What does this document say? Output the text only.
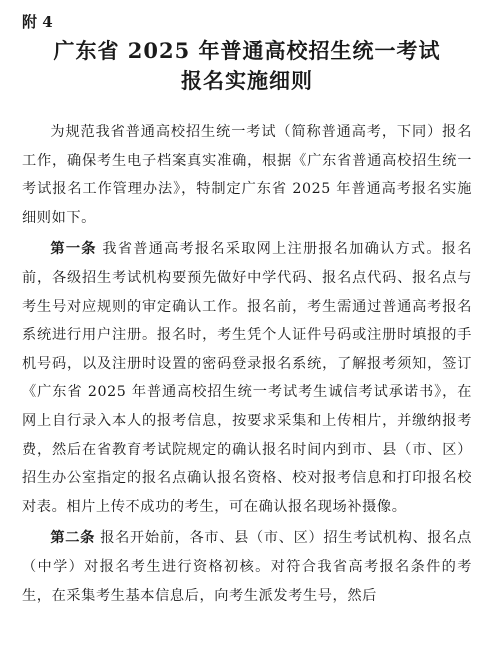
附 4

广东省 2025 年普通高校招生统一考试
报名实施细则

为规范我省普通高校招生统一考试（简称普通高考，下同）报名工作，确保考生电子档案真实准确，根据《广东省普通高校招生统一考试报名工作管理办法》，特制定广东省 2025 年普通高考报名实施细则如下。

第一条 我省普通高考报名采取网上注册报名加确认方式。报名前，各级招生考试机构要预先做好中学代码、报名点代码、报名点与考生号对应规则的审定确认工作。报名前，考生需通过普通高考报名系统进行用户注册。报名时，考生凭个人证件号码或注册时填报的手机号码，以及注册时设置的密码登录报名系统，了解报考须知，签订《广东省 2025 年普通高校招生统一考试考生诚信考试承诺书》，在网上自行录入本人的报考信息，按要求采集和上传相片，并缴纳报考费，然后在省教育考试院规定的确认报名时间内到市、县（市、区）招生办公室指定的报名点确认报名资格、校对报考信息和打印报名校对表。相片上传不成功的考生，可在确认报名现场补摄像。

第二条 报名开始前，各市、县（市、区）招生考试机构、报名点（中学）对报名考生进行资格初核。对符合我省高考报名条件的考生，在采集考生基本信息后，向考生派发考生号，然后
